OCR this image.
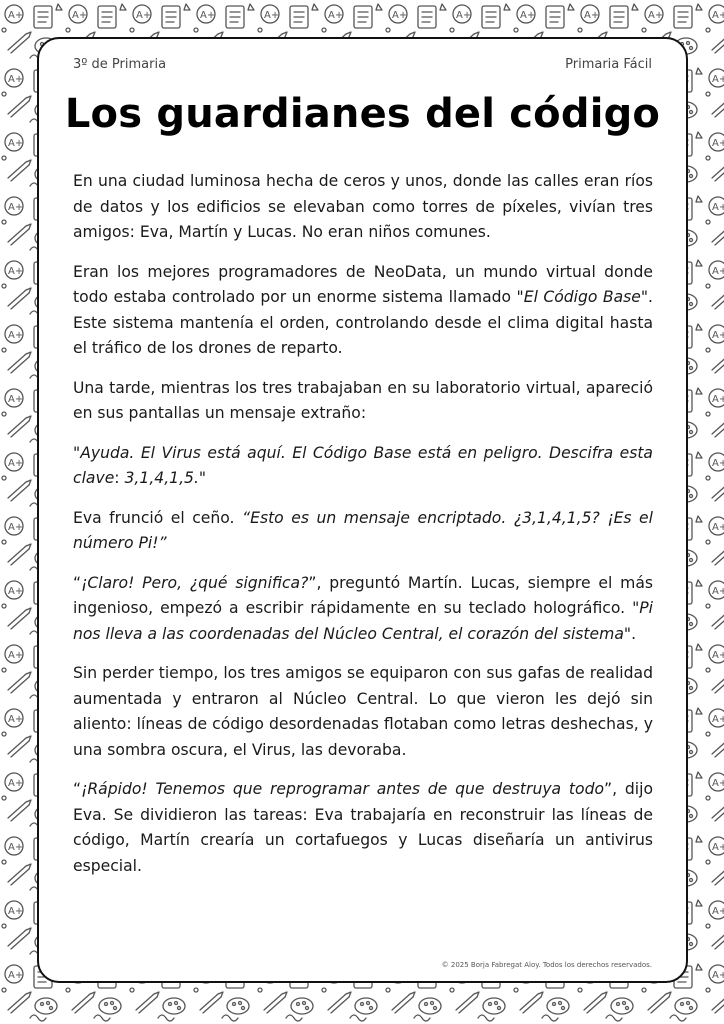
3º de Primaria	Primaria Fácil
Los guardianes del código

En una ciudad luminosa hecha de ceros y unos, donde las calles eran ríos de datos y los edificios se elevaban como torres de píxeles, vivían tres amigos: Eva, Martín y Lucas. No eran niños comunes.

Eran los mejores programadores de NeoData, un mundo virtual donde todo estaba controlado por un enorme sistema llamado "El Código Base". Este sistema mantenía el orden, controlando desde el clima digital hasta el tráfico de los drones de reparto.

Una tarde, mientras los tres trabajaban en su laboratorio virtual, apareció en sus pantallas un mensaje extraño:

"Ayuda. El Virus está aquí. El Código Base está en peligro. Descifra esta clave: 3,1,4,1,5."

Eva frunció el ceño. “Esto es un mensaje encriptado. ¿3,1,4,1,5? ¡Es el número Pi!”

“¡Claro! Pero, ¿qué significa?”, preguntó Martín. Lucas, siempre el más ingenioso, empezó a escribir rápidamente en su teclado holográfico. "Pi nos lleva a las coordenadas del Núcleo Central, el corazón del sistema".

Sin perder tiempo, los tres amigos se equiparon con sus gafas de realidad aumentada y entraron al Núcleo Central. Lo que vieron les dejó sin aliento: líneas de código desordenadas flotaban como letras deshechas, y una sombra oscura, el Virus, las devoraba.

“¡Rápido! Tenemos que reprogramar antes de que destruya todo”, dijo Eva. Se dividieron las tareas: Eva trabajaría en reconstruir las líneas de código, Martín crearía un cortafuegos y Lucas diseñaría un antivirus especial.

© 2025 Borja Fabregat Aloy. Todos los derechos reservados.
